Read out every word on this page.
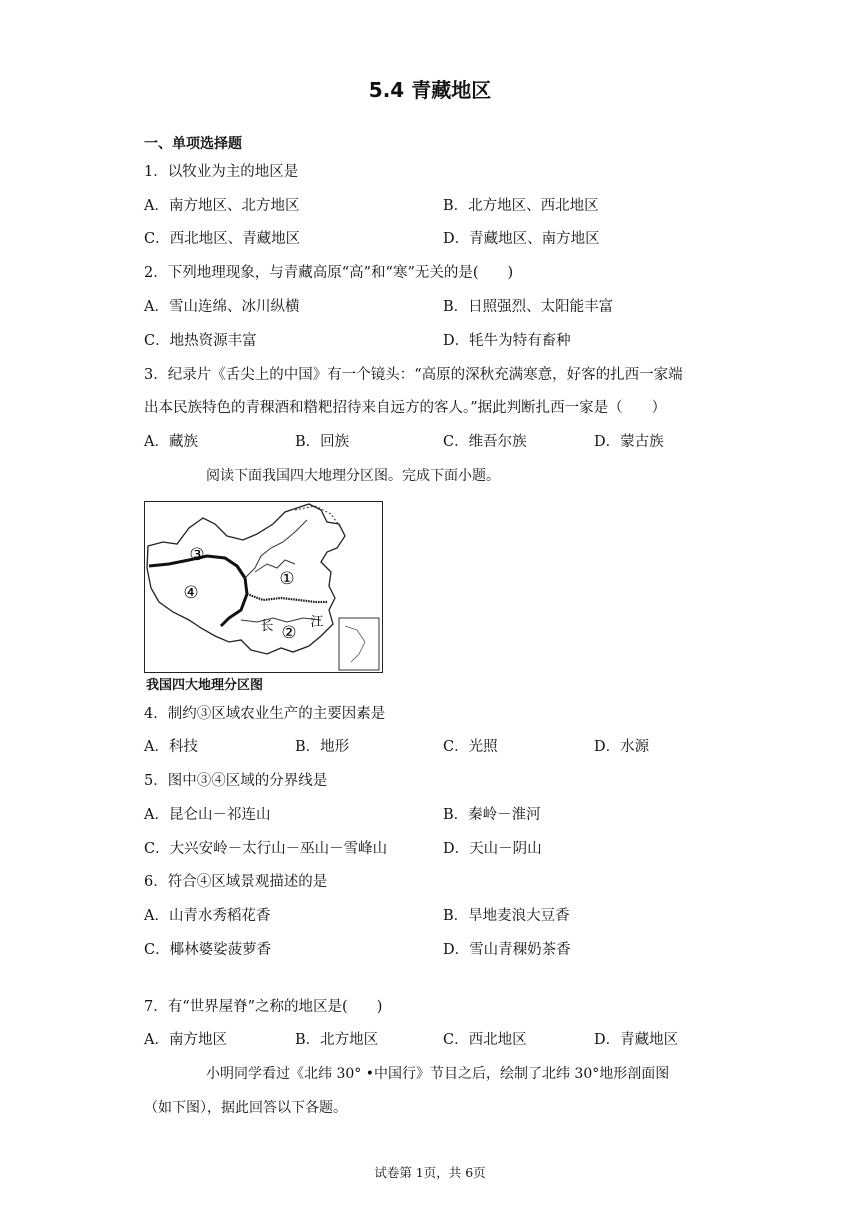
5.4 青藏地区
一、单项选择题
1．以牧业为主的地区是
A．南方地区、北方地区	B．北方地区、西北地区
C．西北地区、青藏地区	D．青藏地区、南方地区
2．下列地理现象，与青藏高原“高”和“寒”无关的是(　　)
A．雪山连绵、冰川纵横	B．日照强烈、太阳能丰富
C．地热资源丰富	D．牦牛为特有畜种
3．纪录片《舌尖上的中国》有一个镜头：“高原的深秋充满寒意，好客的扎西一家端
出本民族特色的青稞酒和糌粑招待来自远方的客人。”据此判断扎西一家是（　　）
A．藏族	B．回族	C．维吾尔族	D．蒙古族
阅读下面我国四大地理分区图。完成下面小题。
③
④
①
②
长	江
我国四大地理分区图
4．制约③区域农业生产的主要因素是
A．科技	B．地形	C．光照	D．水源
5．图中③④区域的分界线是
A．昆仑山－祁连山	B．秦岭－淮河
C．大兴安岭－太行山－巫山－雪峰山	D．天山－阴山
6．符合④区域景观描述的是
A．山青水秀稻花香	B．旱地麦浪大豆香
C．椰林婆娑菠萝香	D．雪山青稞奶茶香
7．有“世界屋脊”之称的地区是(　　)
A．南方地区	B．北方地区	C．西北地区	D．青藏地区
小明同学看过《北纬 30° •中国行》节目之后，绘制了北纬 30°地形剖面图
（如下图），据此回答以下各题。
试卷第 1页，共 6页
